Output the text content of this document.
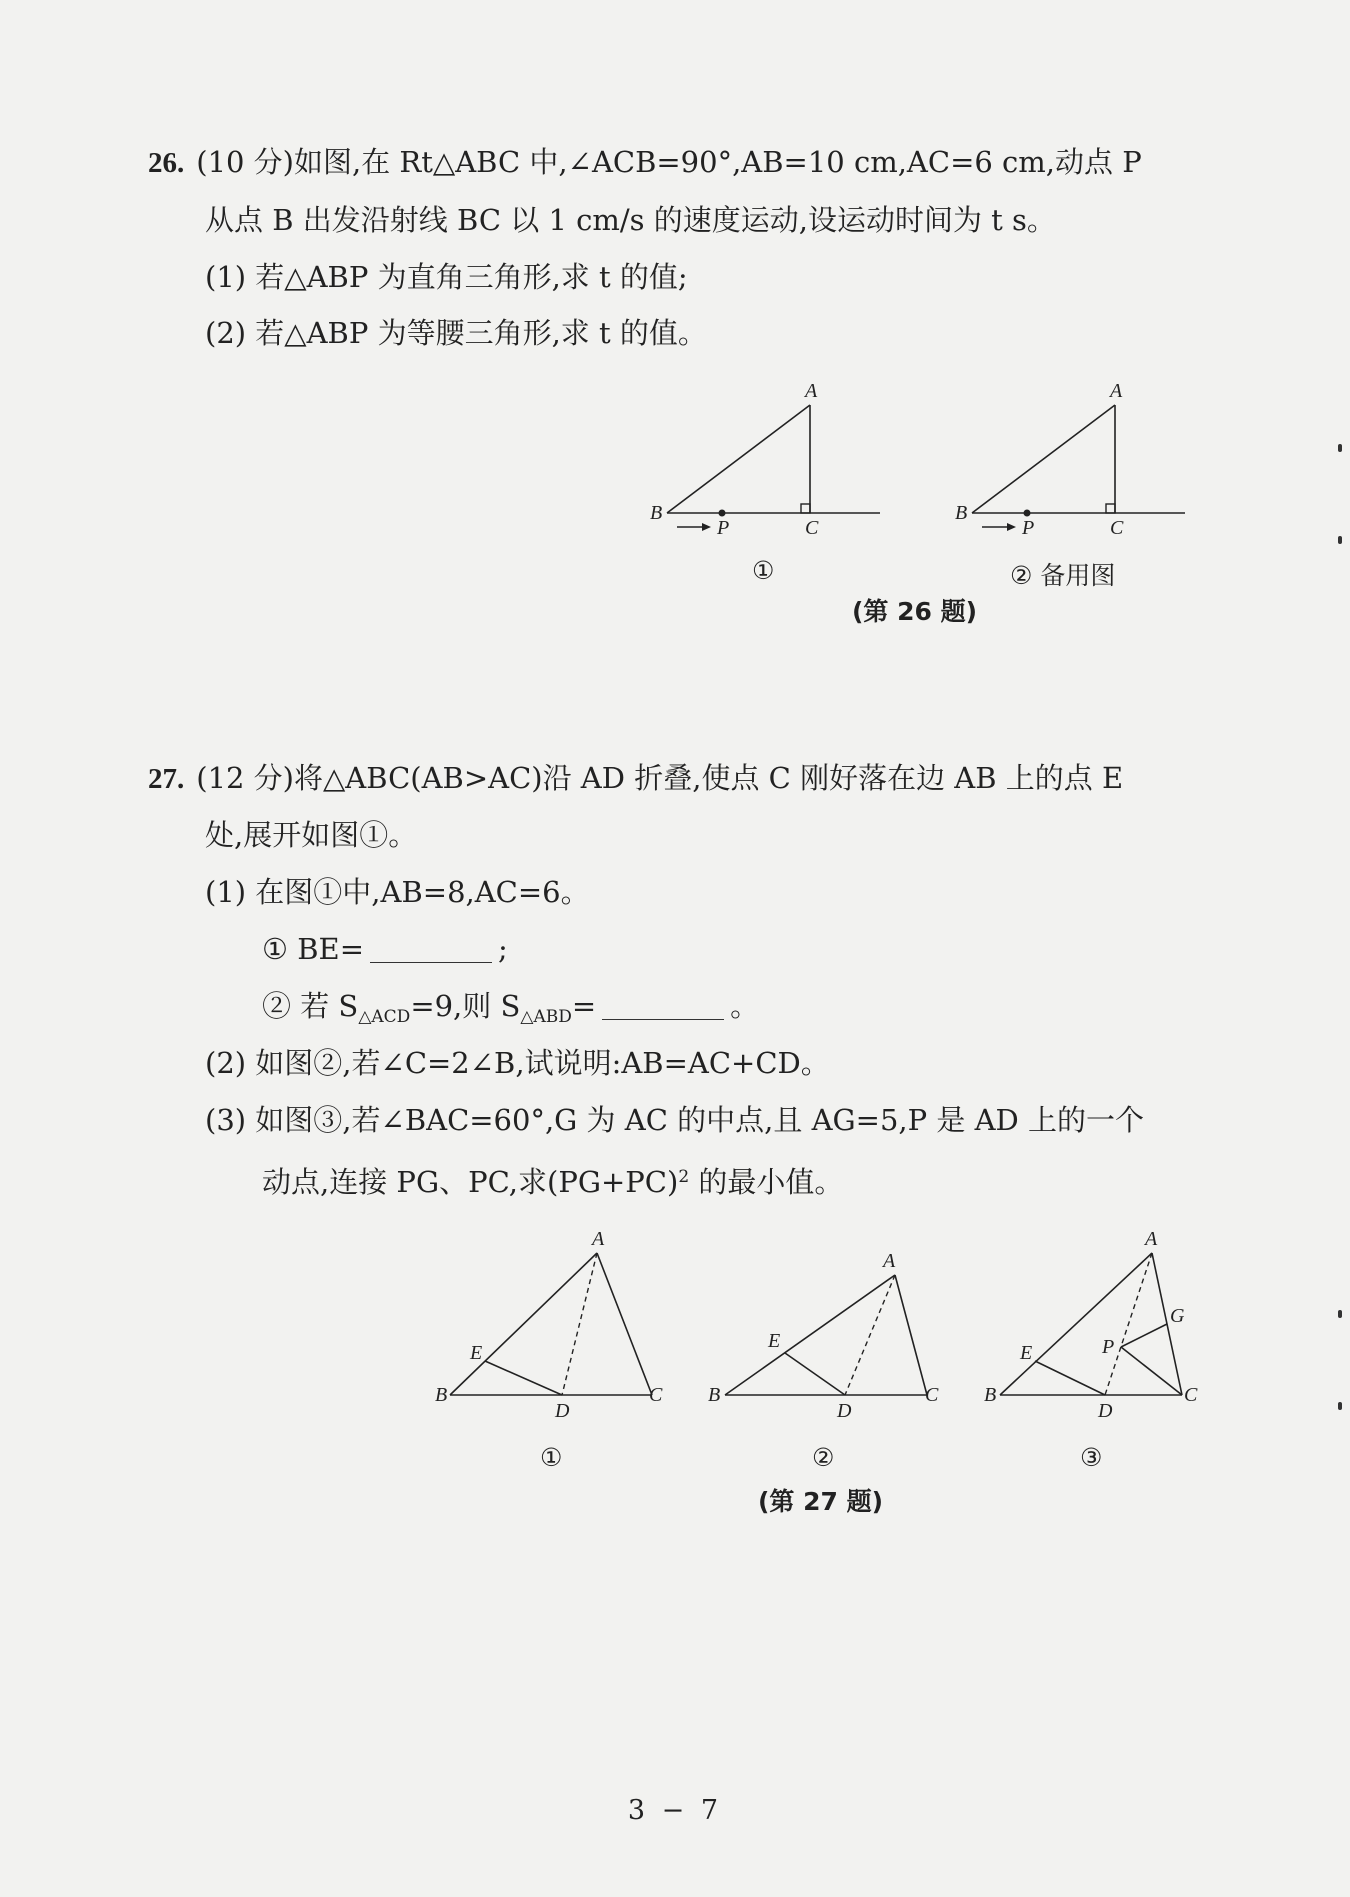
26. (10 分)如图,在 Rt△ABC 中,∠ACB=90°,AB=10 cm,AC=6 cm,动点 P
从点 B 出发沿射线 BC 以 1 cm/s 的速度运动,设运动时间为 t s。
(1) 若△ABP 为直角三角形,求 t 的值;
(2) 若△ABP 为等腰三角形,求 t 的值。
A
B
C
P
A
B
C
P
①	② 备用图
(第 26 题)
27. (12 分)将△ABC(AB>AC)沿 AD 折叠,使点 C 刚好落在边 AB 上的点 E
处,展开如图①。
(1) 在图①中,AB=8,AC=6。
① BE=	;
② 若 $S_{\triangle ACD}=9$,则 $S_{\triangle ABD}=$	。
(2) 如图②,若∠C=2∠B,试说明:AB=AC+CD。
(3) 如图③,若∠BAC=60°,G 为 AC 的中点,且 AG=5,P 是 AD 上的一个
动点,连接 PG、PC,求$(PG+PC)^2$ 的最小值。
A
B	C
D
E
A
B	C
D
E
A
B	C
D
E
G
P
①	②	③
(第 27 题)
3 − 7
